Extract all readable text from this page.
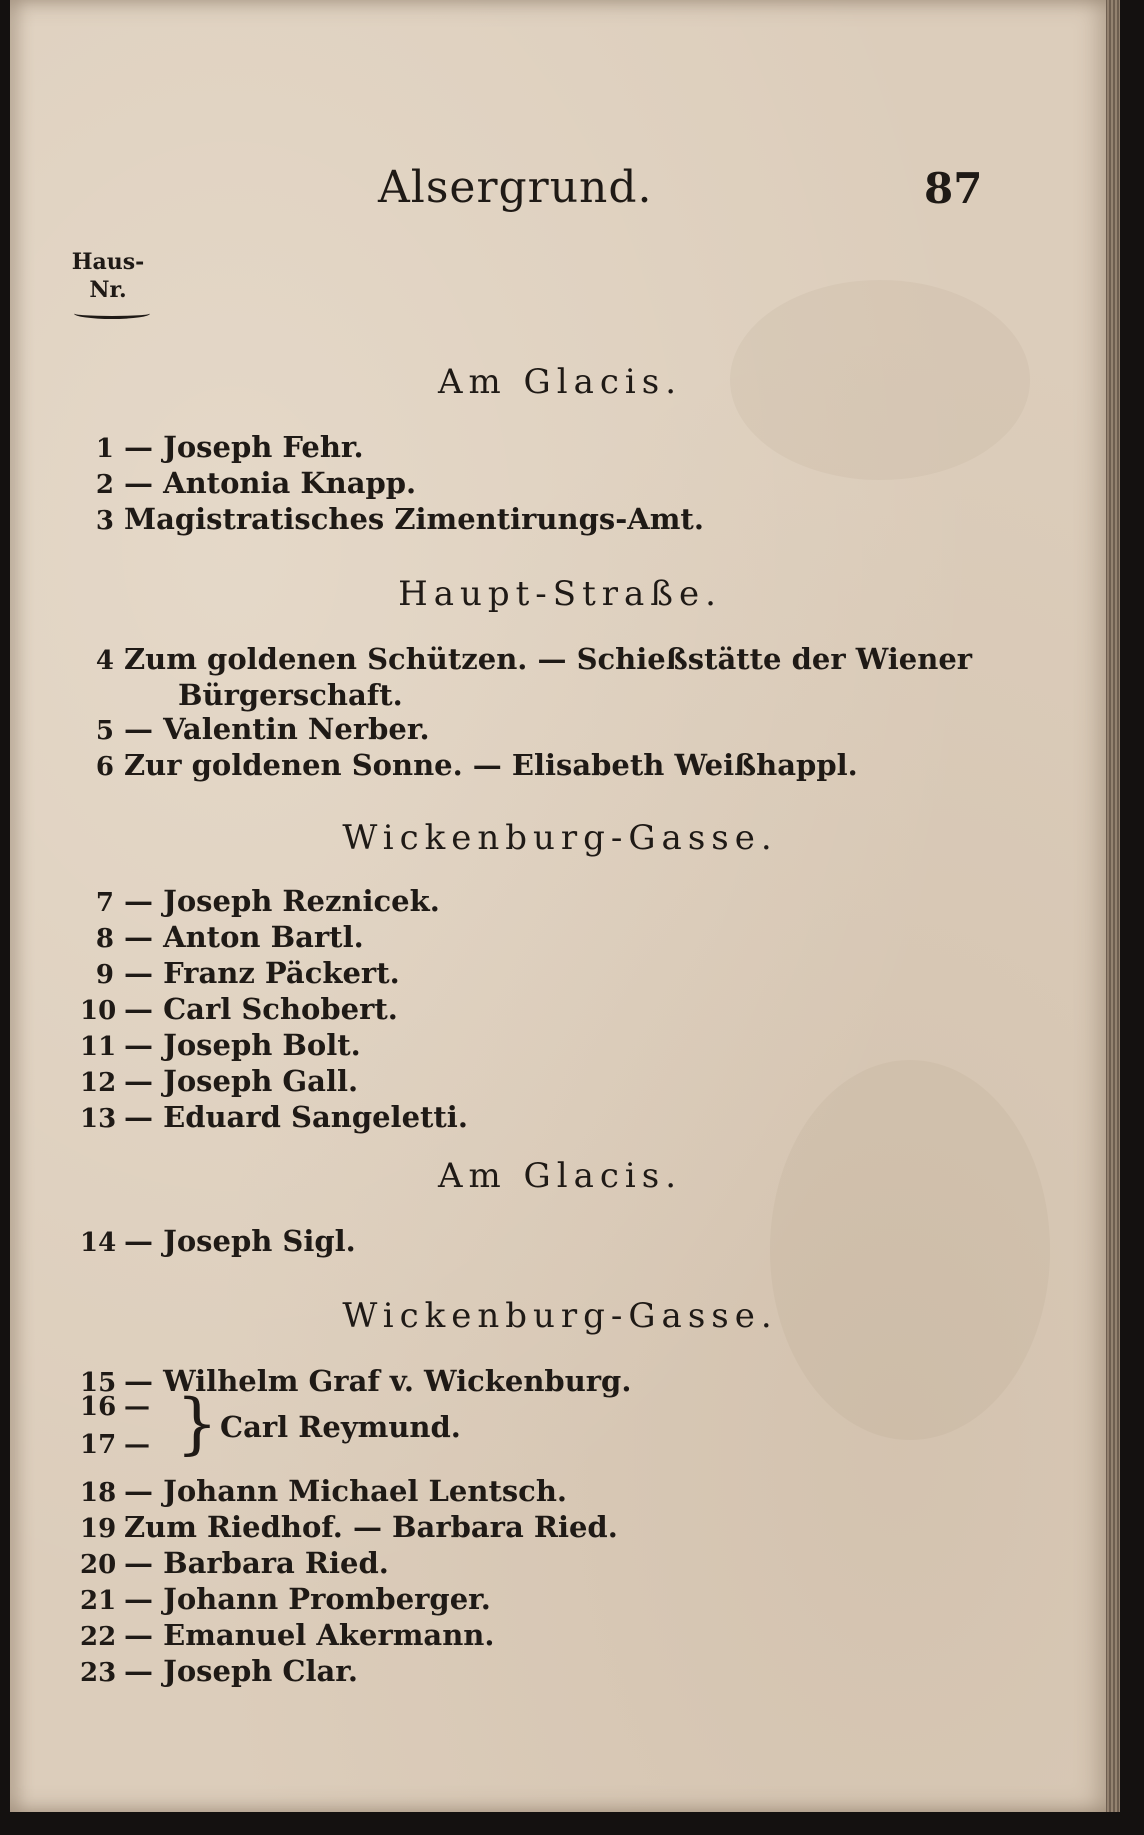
Alsergrund.	87
Haus-
Nr.
Am Glacis.
1 — Joseph Fehr.
2 — Antonia Knapp.
3 Magistratisches Zimentirungs-Amt.
Haupt-Straße.
4 Zum goldenen Schützen. — Schießstätte der Wiener
Bürgerschaft.
5 — Valentin Nerber.
6 Zur goldenen Sonne. — Elisabeth Weißhappl.
Wickenburg-Gasse.
7 — Joseph Reznicek.
8 — Anton Bartl.
9 — Franz Päckert.
10 — Carl Schobert.
11 — Joseph Bolt.
12 — Joseph Gall.
13 — Eduard Sangeletti.
Am Glacis.
14 — Joseph Sigl.
Wickenburg-Gasse.
15 — Wilhelm Graf v. Wickenburg.
16 —
17 — } Carl Reymund.
18 — Johann Michael Lentsch.
19 Zum Riedhof. — Barbara Ried.
20 — Barbara Ried.
21 — Johann Promberger.
22 — Emanuel Akermann.
23 — Joseph Clar.
